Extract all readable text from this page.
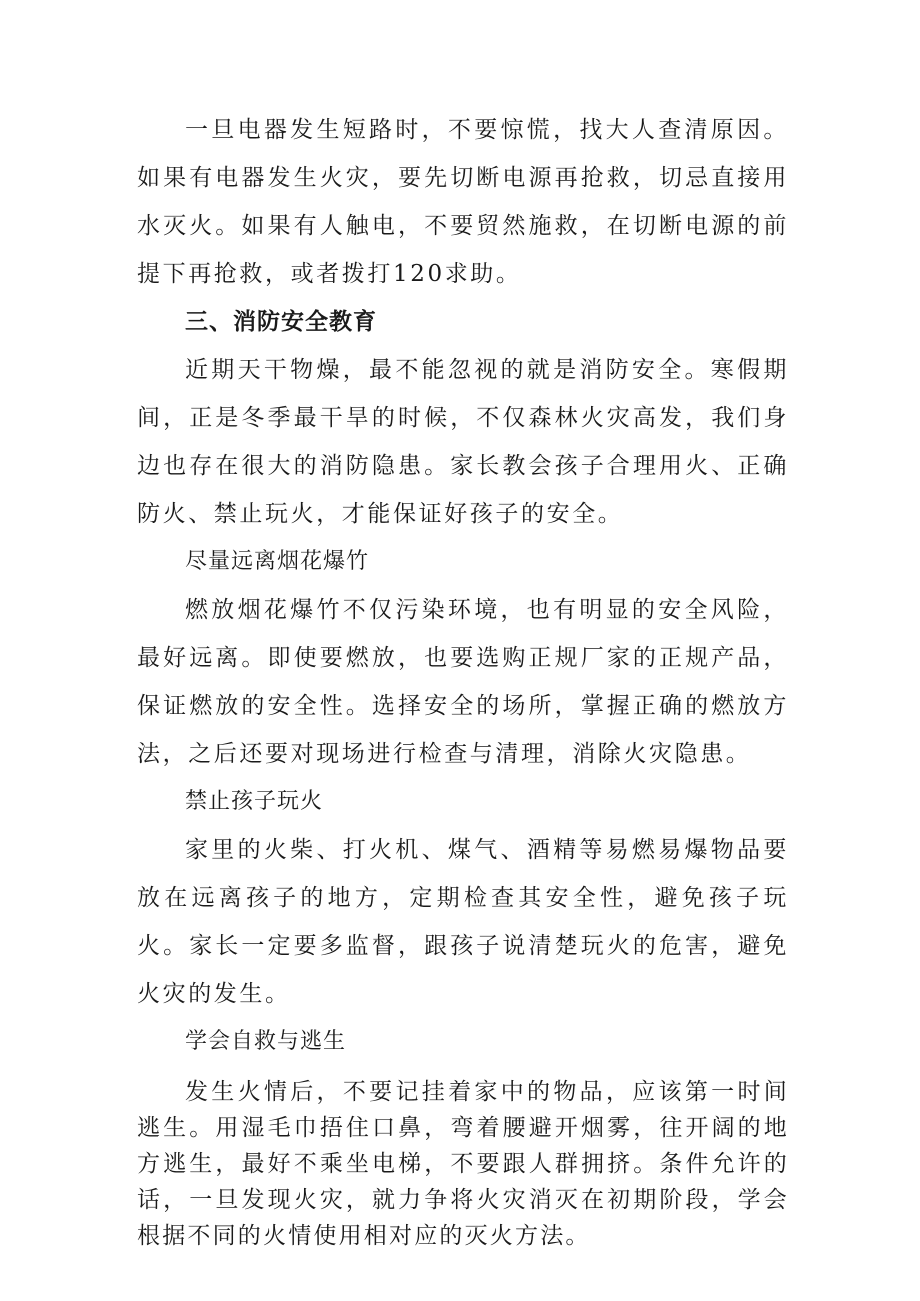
一旦电器发生短路时，不要惊慌，找大人查清原因。如果有电器发生火灾，要先切断电源再抢救，切忌直接用水灭火。如果有人触电，不要贸然施救，在切断电源的前提下再抢救，或者拨打120求助。

三、消防安全教育

近期天干物燥，最不能忽视的就是消防安全。寒假期间，正是冬季最干旱的时候，不仅森林火灾高发，我们身边也存在很大的消防隐患。家长教会孩子合理用火、正确防火、禁止玩火，才能保证好孩子的安全。

尽量远离烟花爆竹

燃放烟花爆竹不仅污染环境，也有明显的安全风险，最好远离。即使要燃放，也要选购正规厂家的正规产品，保证燃放的安全性。选择安全的场所，掌握正确的燃放方法，之后还要对现场进行检查与清理，消除火灾隐患。

禁止孩子玩火

家里的火柴、打火机、煤气、酒精等易燃易爆物品要放在远离孩子的地方，定期检查其安全性，避免孩子玩火。家长一定要多监督，跟孩子说清楚玩火的危害，避免火灾的发生。

学会自救与逃生

发生火情后，不要记挂着家中的物品，应该第一时间逃生。用湿毛巾捂住口鼻，弯着腰避开烟雾，往开阔的地方逃生，最好不乘坐电梯，不要跟人群拥挤。条件允许的话，一旦发现火灾，就力争将火灾消灭在初期阶段，学会根据不同的火情使用相对应的灭火方法。
